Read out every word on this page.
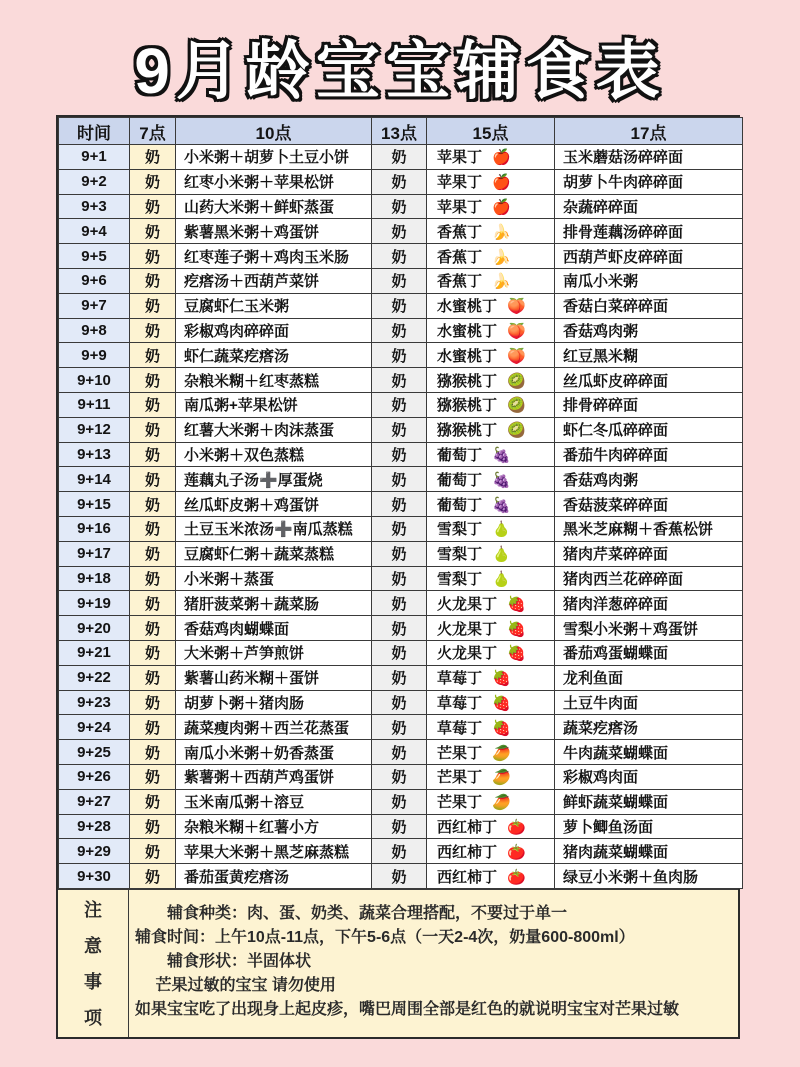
9月龄宝宝辅食表
时间	7点	10点	13点	15点	17点
9+1	奶	小米粥＋胡萝卜土豆小饼	奶	苹果丁 🍎	玉米蘑菇汤碎碎面
9+2	奶	红枣小米粥＋苹果松饼	奶	苹果丁 🍎	胡萝卜牛肉碎碎面
9+3	奶	山药大米粥＋鲜虾蒸蛋	奶	苹果丁 🍎	杂蔬碎碎面
9+4	奶	紫薯黑米粥＋鸡蛋饼	奶	香蕉丁 🍌	排骨莲藕汤碎碎面
9+5	奶	红枣莲子粥＋鸡肉玉米肠	奶	香蕉丁 🍌	西葫芦虾皮碎碎面
9+6	奶	疙瘩汤＋西葫芦菜饼	奶	香蕉丁 🍌	南瓜小米粥
9+7	奶	豆腐虾仁玉米粥	奶	水蜜桃丁 🍑	香菇白菜碎碎面
9+8	奶	彩椒鸡肉碎碎面	奶	水蜜桃丁 🍑	香菇鸡肉粥
9+9	奶	虾仁蔬菜疙瘩汤	奶	水蜜桃丁 🍑	红豆黑米糊
9+10	奶	杂粮米糊＋红枣蒸糕	奶	猕猴桃丁 🥝	丝瓜虾皮碎碎面
9+11	奶	南瓜粥+苹果松饼	奶	猕猴桃丁 🥝	排骨碎碎面
9+12	奶	红薯大米粥＋肉沫蒸蛋	奶	猕猴桃丁 🥝	虾仁冬瓜碎碎面
9+13	奶	小米粥＋双色蒸糕	奶	葡萄丁 🍇	番茄牛肉碎碎面
9+14	奶	莲藕丸子汤➕厚蛋烧	奶	葡萄丁 🍇	香菇鸡肉粥
9+15	奶	丝瓜虾皮粥＋鸡蛋饼	奶	葡萄丁 🍇	香菇菠菜碎碎面
9+16	奶	土豆玉米浓汤➕南瓜蒸糕	奶	雪梨丁 🍐	黑米芝麻糊＋香蕉松饼
9+17	奶	豆腐虾仁粥＋蔬菜蒸糕	奶	雪梨丁 🍐	猪肉芹菜碎碎面
9+18	奶	小米粥＋蒸蛋	奶	雪梨丁 🍐	猪肉西兰花碎碎面
9+19	奶	猪肝菠菜粥＋蔬菜肠	奶	火龙果丁 🍓	猪肉洋葱碎碎面
9+20	奶	香菇鸡肉蝴蝶面	奶	火龙果丁 🍓	雪梨小米粥＋鸡蛋饼
9+21	奶	大米粥＋芦笋煎饼	奶	火龙果丁 🍓	番茄鸡蛋蝴蝶面
9+22	奶	紫薯山药米糊＋蛋饼	奶	草莓丁 🍓	龙利鱼面
9+23	奶	胡萝卜粥＋猪肉肠	奶	草莓丁 🍓	土豆牛肉面
9+24	奶	蔬菜瘦肉粥＋西兰花蒸蛋	奶	草莓丁 🍓	蔬菜疙瘩汤
9+25	奶	南瓜小米粥＋奶香蒸蛋	奶	芒果丁 🥭	牛肉蔬菜蝴蝶面
9+26	奶	紫薯粥＋西葫芦鸡蛋饼	奶	芒果丁 🥭	彩椒鸡肉面
9+27	奶	玉米南瓜粥＋溶豆	奶	芒果丁 🥭	鲜虾蔬菜蝴蝶面
9+28	奶	杂粮米糊＋红薯小方	奶	西红柿丁 🍅	萝卜鲫鱼汤面
9+29	奶	苹果大米粥＋黑芝麻蒸糕	奶	西红柿丁 🍅	猪肉蔬菜蝴蝶面
9+30	奶	番茄蛋黄疙瘩汤	奶	西红柿丁 🍅	绿豆小米粥＋鱼肉肠
注
意
事
项
　　辅食种类：肉、蛋、奶类、蔬菜合理搭配，不要过于单一
辅食时间：上午10点-11点，下午5-6点（一天2-4次，奶量600-800ml）
　　辅食形状：半固体状
　 芒果过敏的宝宝 请勿使用
如果宝宝吃了出现身上起皮疹，嘴巴周围全部是红色的就说明宝宝对芒果过敏
